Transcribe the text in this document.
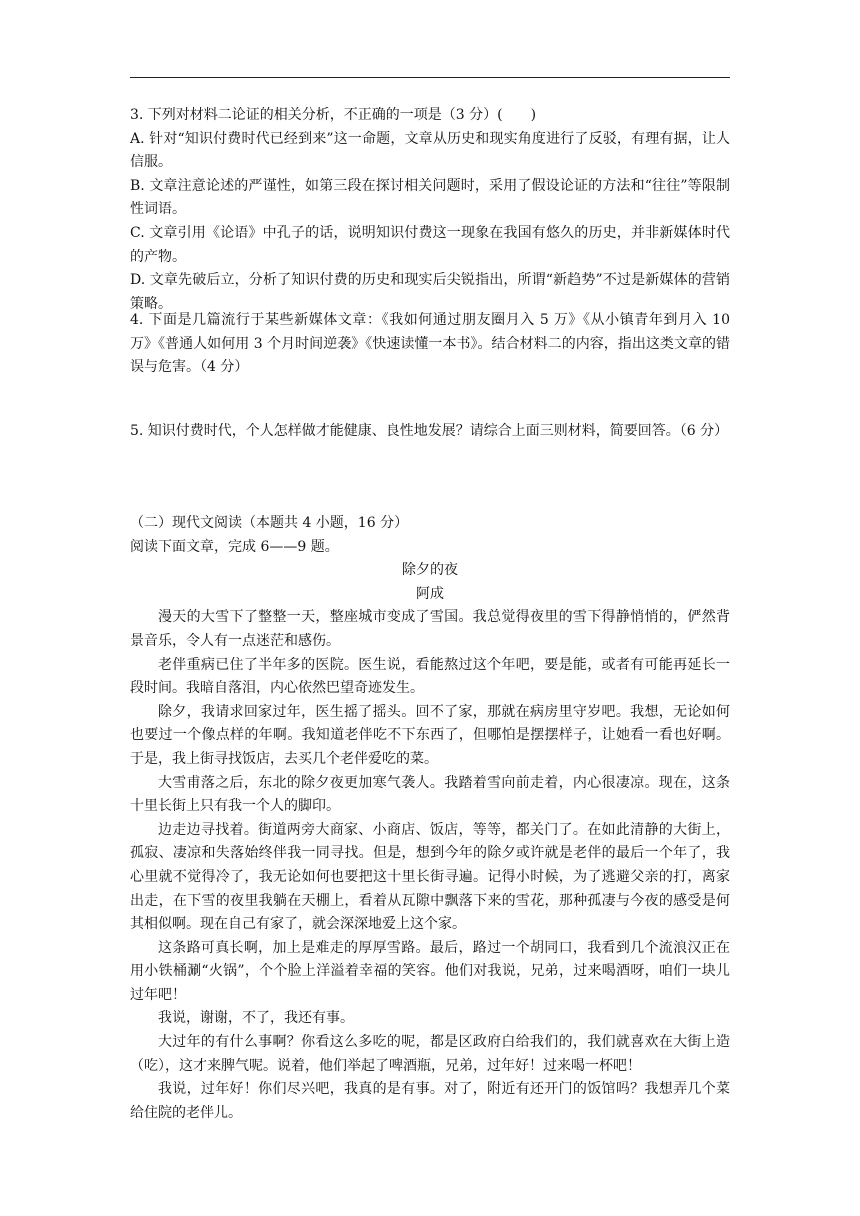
3. 下列对材料二论证的相关分析，不正确的一项是（3 分）(　　)

A. 针对“知识付费时代已经到来”这一命题，文章从历史和现实角度进行了反驳，有理有据，让人信服。

B. 文章注意论述的严谨性，如第三段在探讨相关问题时，采用了假设论证的方法和“往往”等限制性词语。

C. 文章引用《论语》中孔子的话，说明知识付费这一现象在我国有悠久的历史，并非新媒体时代的产物。

D. 文章先破后立，分析了知识付费的历史和现实后尖锐指出，所谓“新趋势”不过是新媒体的营销策略。

4. 下面是几篇流行于某些新媒体文章：《我如何通过朋友圈月入 5 万》《从小镇青年到月入 10 万》《普通人如何用 3 个月时间逆袭》《快速读懂一本书》。结合材料二的内容，指出这类文章的错误与危害。（4 分）

5. 知识付费时代，个人怎样做才能健康、良性地发展？请综合上面三则材料，简要回答。（6 分）

（二）现代文阅读（本题共 4 小题，16 分）

阅读下面文章，完成 6——9 题。

除夕的夜

阿成

漫天的大雪下了整整一天，整座城市变成了雪国。我总觉得夜里的雪下得静悄悄的，俨然背景音乐，令人有一点迷茫和感伤。

老伴重病已住了半年多的医院。医生说，看能熬过这个年吧，要是能，或者有可能再延长一段时间。我暗自落泪，内心依然巴望奇迹发生。

除夕，我请求回家过年，医生摇了摇头。回不了家，那就在病房里守岁吧。我想，无论如何也要过一个像点样的年啊。我知道老伴吃不下东西了，但哪怕是摆摆样子，让她看一看也好啊。于是，我上街寻找饭店，去买几个老伴爱吃的菜。

大雪甫落之后，东北的除夕夜更加寒气袭人。我踏着雪向前走着，内心很凄凉。现在，这条十里长街上只有我一个人的脚印。

边走边寻找着。街道两旁大商家、小商店、饭店，等等，都关门了。在如此清静的大街上，孤寂、凄凉和失落始终伴我一同寻找。但是，想到今年的除夕或许就是老伴的最后一个年了，我心里就不觉得冷了，我无论如何也要把这十里长街寻遍。记得小时候，为了逃避父亲的打，离家出走，在下雪的夜里我躺在天棚上，看着从瓦隙中飘落下来的雪花，那种孤凄与今夜的感受是何其相似啊。现在自己有家了，就会深深地爱上这个家。

这条路可真长啊，加上是难走的厚厚雪路。最后，路过一个胡同口，我看到几个流浪汉正在用小铁桶涮“火锅”，个个脸上洋溢着幸福的笑容。他们对我说，兄弟，过来喝酒呀，咱们一块儿过年吧！

我说，谢谢，不了，我还有事。

大过年的有什么事啊？你看这么多吃的呢，都是区政府白给我们的，我们就喜欢在大街上造（吃），这才来脾气呢。说着，他们举起了啤酒瓶，兄弟，过年好！过来喝一杯吧！

我说，过年好！你们尽兴吧，我真的是有事。对了，附近有还开门的饭馆吗？我想弄几个菜给住院的老伴儿。
